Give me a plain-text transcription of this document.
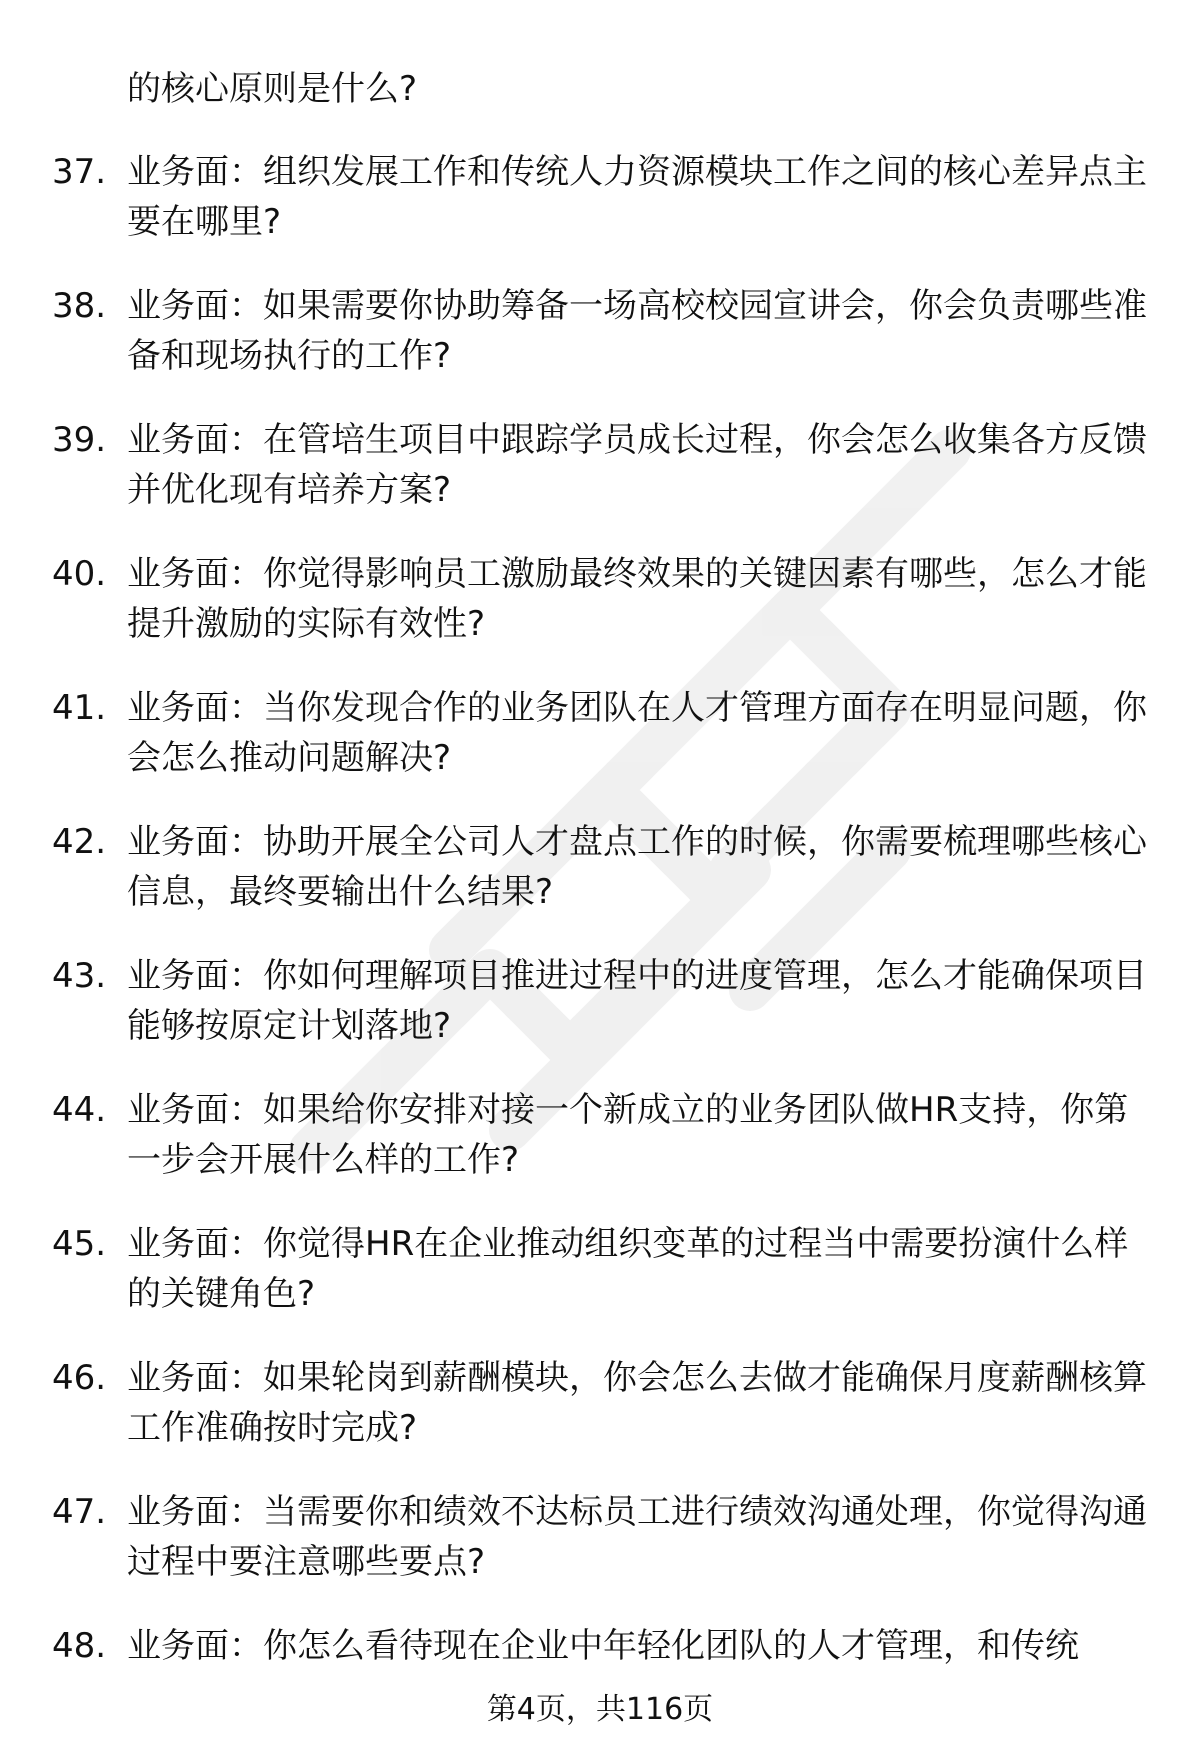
的核心原则是什么?
37. 业务面：组织发展工作和传统人力资源模块工作之间的核心差异点主要在哪里?
38. 业务面：如果需要你协助筹备一场高校校园宣讲会，你会负责哪些准备和现场执行的工作?
39. 业务面：在管培生项目中跟踪学员成长过程，你会怎么收集各方反馈并优化现有培养方案?
40. 业务面：你觉得影响员工激励最终效果的关键因素有哪些，怎么才能提升激励的实际有效性?
41. 业务面：当你发现合作的业务团队在人才管理方面存在明显问题，你会怎么推动问题解决?
42. 业务面：协助开展全公司人才盘点工作的时候，你需要梳理哪些核心信息，最终要输出什么结果?
43. 业务面：你如何理解项目推进过程中的进度管理，怎么才能确保项目能够按原定计划落地?
44. 业务面：如果给你安排对接一个新成立的业务团队做HR支持，你第一步会开展什么样的工作?
45. 业务面：你觉得HR在企业推动组织变革的过程当中需要扮演什么样的关键角色?
46. 业务面：如果轮岗到薪酬模块，你会怎么去做才能确保月度薪酬核算工作准确按时完成?
47. 业务面：当需要你和绩效不达标员工进行绩效沟通处理，你觉得沟通过程中要注意哪些要点?
48. 业务面：你怎么看待现在企业中年轻化团队的人才管理，和传统
第4页，共116页
